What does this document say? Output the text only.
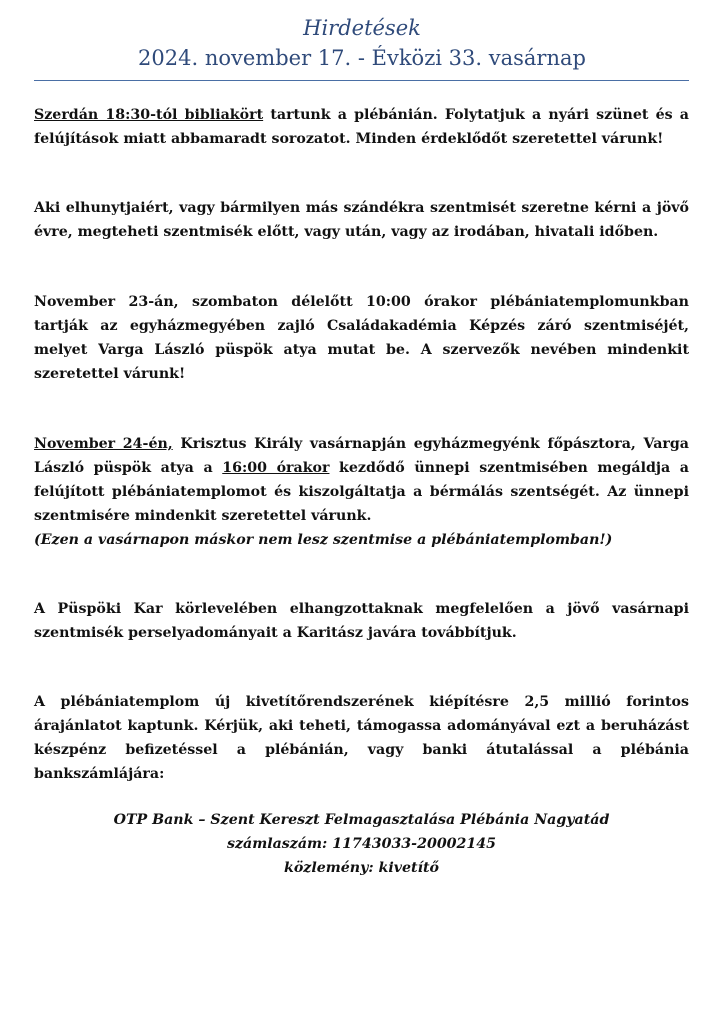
Hirdetések
2024. november 17. - Évközi 33. vasárnap

Szerdán 18:30-tól bibliakört tartunk a plébánián. Folytatjuk a nyári szünet és a felújítások miatt abbamaradt sorozatot. Minden érdeklődőt szeretettel várunk!

Aki elhunytjaiért, vagy bármilyen más szándékra szentmisét szeretne kérni a jövő évre, megteheti szentmisék előtt, vagy után, vagy az irodában, hivatali időben.

November 23-án, szombaton délelőtt 10:00 órakor plébániatemplomunkban tartják az egyházmegyében zajló Családakadémia Képzés záró szentmiséjét, melyet Varga László püspök atya mutat be. A szervezők nevében mindenkit szeretettel várunk!

November 24-én, Krisztus Király vasárnapján egyházmegyénk főpásztora, Varga László püspök atya a 16:00 órakor kezdődő ünnepi szentmisében megáldja a felújított plébániatemplomot és kiszolgáltatja a bérmálás szentségét. Az ünnepi szentmisére mindenkit szeretettel várunk.
(Ezen a vasárnapon máskor nem lesz szentmise a plébániatemplomban!)

A Püspöki Kar körlevelében elhangzottaknak megfelelően a jövő vasárnapi szentmisék perselyadományait a Karitász javára továbbítjuk.

A plébániatemplom új kivetítőrendszerének kiépítésre 2,5 millió forintos árajánlatot kaptunk. Kérjük, aki teheti, támogassa adományával ezt a beruházást készpénz befizetéssel a plébánián, vagy banki átutalással a plébánia bankszámlájára:

OTP Bank – Szent Kereszt Felmagasztalása Plébánia Nagyatád
számlaszám: 11743033-20002145
közlemény: kivetítő
